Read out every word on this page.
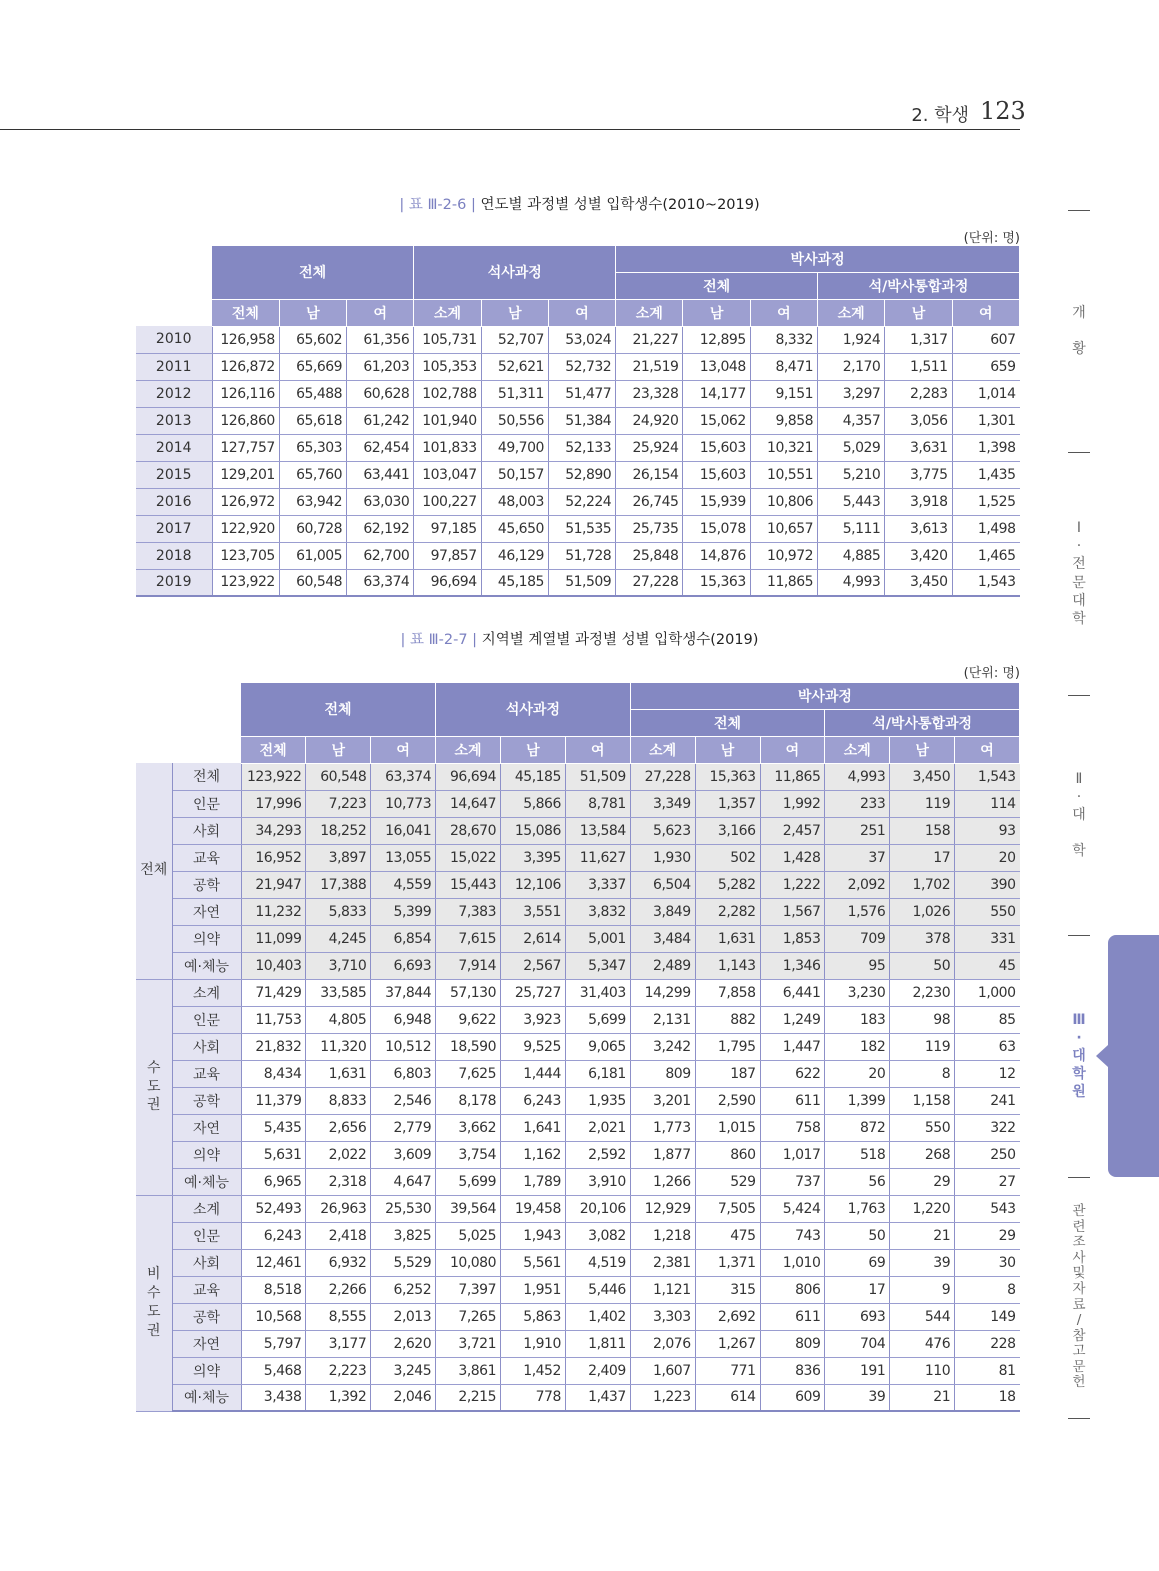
2. 학생 123
| 표 Ⅲ-2-6 | 연도별 과정별 성별 입학생수(2010~2019)
(단위: 명)
	전체			석사과정			박사과정					
							전체			석/박사통합과정		
	전체	남	여	소계	남	여	소계	남	여	소계	남	여
2010	126,958	65,602	61,356	105,731	52,707	53,024	21,227	12,895	8,332	1,924	1,317	607
2011	126,872	65,669	61,203	105,353	52,621	52,732	21,519	13,048	8,471	2,170	1,511	659
2012	126,116	65,488	60,628	102,788	51,311	51,477	23,328	14,177	9,151	3,297	2,283	1,014
2013	126,860	65,618	61,242	101,940	50,556	51,384	24,920	15,062	9,858	4,357	3,056	1,301
2014	127,757	65,303	62,454	101,833	49,700	52,133	25,924	15,603	10,321	5,029	3,631	1,398
2015	129,201	65,760	63,441	103,047	50,157	52,890	26,154	15,603	10,551	5,210	3,775	1,435
2016	126,972	63,942	63,030	100,227	48,003	52,224	26,745	15,939	10,806	5,443	3,918	1,525
2017	122,920	60,728	62,192	97,185	45,650	51,535	25,735	15,078	10,657	5,111	3,613	1,498
2018	123,705	61,005	62,700	97,857	46,129	51,728	25,848	14,876	10,972	4,885	3,420	1,465
2019	123,922	60,548	63,374	96,694	45,185	51,509	27,228	15,363	11,865	4,993	3,450	1,543
| 표 Ⅲ-2-7 | 지역별 계열별 과정별 성별 입학생수(2019)
(단위: 명)
		전체			석사과정			박사과정					
								전체			석/박사통합과정		
		전체	남	여	소계	남	여	소계	남	여	소계	남	여
전체	전체	123,922	60,548	63,374	96,694	45,185	51,509	27,228	15,363	11,865	4,993	3,450	1,543
	인문	17,996	7,223	10,773	14,647	5,866	8,781	3,349	1,357	1,992	233	119	114
	사회	34,293	18,252	16,041	28,670	15,086	13,584	5,623	3,166	2,457	251	158	93
	교육	16,952	3,897	13,055	15,022	3,395	11,627	1,930	502	1,428	37	17	20
	공학	21,947	17,388	4,559	15,443	12,106	3,337	6,504	5,282	1,222	2,092	1,702	390
	자연	11,232	5,833	5,399	7,383	3,551	3,832	3,849	2,282	1,567	1,576	1,026	550
	의약	11,099	4,245	6,854	7,615	2,614	5,001	3,484	1,631	1,853	709	378	331
	예·체능	10,403	3,710	6,693	7,914	2,567	5,347	2,489	1,143	1,346	95	50	45
수
도
권	소계	71,429	33,585	37,844	57,130	25,727	31,403	14,299	7,858	6,441	3,230	2,230	1,000
	인문	11,753	4,805	6,948	9,622	3,923	5,699	2,131	882	1,249	183	98	85
	사회	21,832	11,320	10,512	18,590	9,525	9,065	3,242	1,795	1,447	182	119	63
	교육	8,434	1,631	6,803	7,625	1,444	6,181	809	187	622	20	8	12
	공학	11,379	8,833	2,546	8,178	6,243	1,935	3,201	2,590	611	1,399	1,158	241
	자연	5,435	2,656	2,779	3,662	1,641	2,021	1,773	1,015	758	872	550	322
	의약	5,631	2,022	3,609	3,754	1,162	2,592	1,877	860	1,017	518	268	250
	예·체능	6,965	2,318	4,647	5,699	1,789	3,910	1,266	529	737	56	29	27
비
수
도
권	소계	52,493	26,963	25,530	39,564	19,458	20,106	12,929	7,505	5,424	1,763	1,220	543
	인문	6,243	2,418	3,825	5,025	1,943	3,082	1,218	475	743	50	21	29
	사회	12,461	6,932	5,529	10,080	5,561	4,519	2,381	1,371	1,010	69	39	30
	교육	8,518	2,266	6,252	7,397	1,951	5,446	1,121	315	806	17	9	8
	공학	10,568	8,555	2,013	7,265	5,863	1,402	3,303	2,692	611	693	544	149
	자연	5,797	3,177	2,620	3,721	1,910	1,811	2,076	1,267	809	704	476	228
	의약	5,468	2,223	3,245	3,861	1,452	2,409	1,607	771	836	191	110	81
	예·체능	3,438	1,392	2,046	2,215	778	1,437	1,223	614	609	39	21	18
개

황
Ⅰ
·
전
문
대
학
Ⅱ
·
대

학
Ⅲ
·
대
학
원
관
련
조
사
및
자
료
/
참
고
문
헌
